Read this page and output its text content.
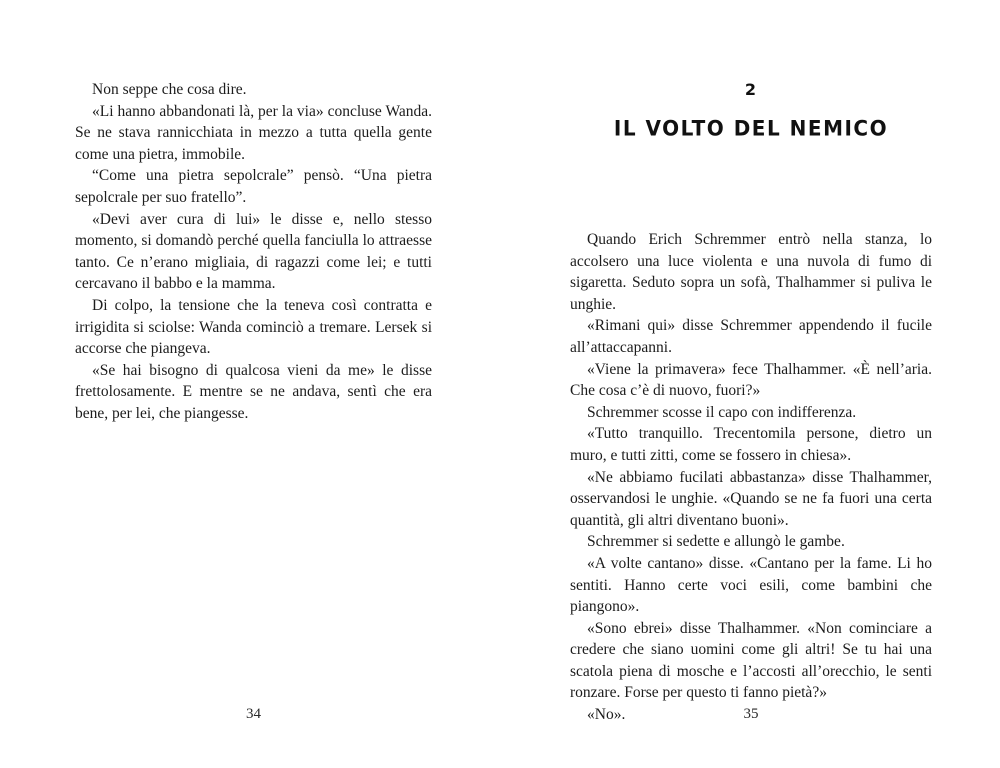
Non seppe che cosa dire.

«Li hanno abbandonati là, per la via» concluse Wanda. Se ne stava rannicchiata in mezzo a tutta quella gente come una pietra, immobile.

“Come una pietra sepolcrale” pensò. “Una pietra sepolcrale per suo fratello”.

«Devi aver cura di lui» le disse e, nello stesso momento, si domandò perché quella fanciulla lo attraesse tanto. Ce n’erano migliaia, di ragazzi come lei; e tutti cercavano il babbo e la mamma.

Di colpo, la tensione che la teneva così contratta e irrigidita si sciolse: Wanda cominciò a tremare. Lersek si accorse che piangeva.

«Se hai bisogno di qualcosa vieni da me» le disse frettolosamente. E mentre se ne andava, sentì che era bene, per lei, che piangesse.

34
2
IL VOLTO DEL NEMICO

Quando Erich Schremmer entrò nella stanza, lo accolsero una luce violenta e una nuvola di fumo di sigaretta. Seduto sopra un sofà, Thalhammer si puliva le unghie.

«Rimani qui» disse Schremmer appendendo il fucile all’attaccapanni.

«Viene la primavera» fece Thalhammer. «È nell’aria. Che cosa c’è di nuovo, fuori?»

Schremmer scosse il capo con indifferenza.

«Tutto tranquillo. Trecentomila persone, dietro un muro, e tutti zitti, come se fossero in chiesa».

«Ne abbiamo fucilati abbastanza» disse Thalhammer, osservandosi le unghie. «Quando se ne fa fuori una certa quantità, gli altri diventano buoni».

Schremmer si sedette e allungò le gambe.

«A volte cantano» disse. «Cantano per la fame. Li ho sentiti. Hanno certe voci esili, come bambini che piangono».

«Sono ebrei» disse Thalhammer. «Non cominciare a credere che siano uomini come gli altri! Se tu hai una scatola piena di mosche e l’accosti all’orecchio, le senti ronzare. Forse per questo ti fanno pietà?»

«No».	35
